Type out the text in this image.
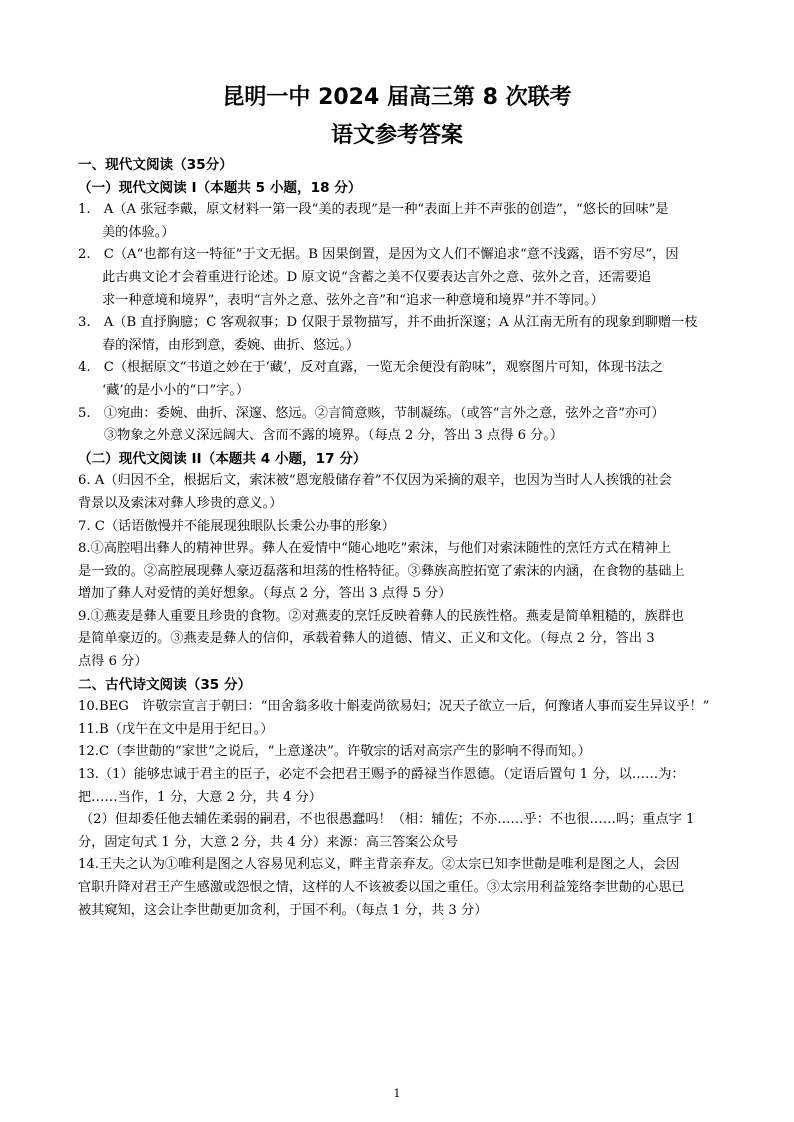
昆明一中 2024 届高三第 8 次联考
语文参考答案
一、现代文阅读（35分）
（一）现代文阅读 I（本题共 5 小题，18 分）
1.　A（A 张冠李戴，原文材料一第一段“美的表现”是一种“表面上并不声张的创造”，“悠长的回味”是
美的体验。）
2.　C（A“也都有这一特征”于文无据。B 因果倒置，是因为文人们不懈追求“意不浅露，语不穷尽”，因
此古典文论才会着重进行论述。D 原文说“含蓄之美不仅要表达言外之意、弦外之音，还需要追
求一种意境和境界”，表明“言外之意、弦外之音”和“追求一种意境和境界”并不等同。）
3.　A（B 直抒胸臆；C 客观叙事；D 仅限于景物描写，并不曲折深邃；A 从江南无所有的现象到聊赠一枝
春的深情，由形到意，委婉、曲折、悠远。）
4.　C（根据原文“书道之妙在于‘藏’，反对直露，一览无余便没有韵味”，观察图片可知，体现书法之
‘藏’的是小小的“口”字。）
5.　①宛曲：委婉、曲折、深邃、悠远。②言简意赅，节制凝练。（或答“言外之意，弦外之音”亦可）
③物象之外意义深远阔大、含而不露的境界。（每点 2 分，答出 3 点得 6 分。）
（二）现代文阅读 II（本题共 4 小题，17 分）
6. A（归因不全，根据后文，索沫被“恩宠般储存着”不仅因为采摘的艰辛，也因为当时人人挨饿的社会
背景以及索沫对彝人珍贵的意义。）
7. C（话语傲慢并不能展现独眼队长秉公办事的形象）
8.①高腔唱出彝人的精神世界。彝人在爱情中“随心地吃”索沫，与他们对索沫随性的烹饪方式在精神上
是一致的。②高腔展现彝人豪迈磊落和坦荡的性格特征。③彝族高腔拓宽了索沫的内涵，在食物的基础上
增加了彝人对爱情的美好想象。（每点 2 分，答出 3 点得 5 分）
9.①燕麦是彝人重要且珍贵的食物。②对燕麦的烹饪反映着彝人的民族性格。燕麦是简单粗糙的，族群也
是简单豪迈的。③燕麦是彝人的信仰，承载着彝人的道德、情义、正义和文化。（每点 2 分，答出 3
点得 6 分）
二、古代诗文阅读（35 分）
10.BEG　许敬宗宣言于朝曰：“田舍翁多收十斛麦尚欲易妇；况天子欲立一后，何豫诸人事而妄生异议乎！”
11.B（戊午在文中是用于纪日。）
12.C（李世勣的“家世”之说后，“上意遂决”。许敬宗的话对高宗产生的影响不得而知。）
13.（1）能够忠诚于君主的臣子，必定不会把君王赐予的爵禄当作恩德。（定语后置句 1 分，以……为：
把……当作，1 分，大意 2 分，共 4 分）
（2）但却委任他去辅佐柔弱的嗣君，不也很愚蠢吗！（相：辅佐；不亦……乎：不也很……吗；重点字 1
分，固定句式 1 分，大意 2 分，共 4 分）来源：高三答案公众号
14.王夫之认为①唯利是图之人容易见利忘义，畔主背亲弃友。②太宗已知李世勣是唯利是图之人，会因
官职升降对君王产生感激或怨恨之情，这样的人不该被委以国之重任。③太宗用利益笼络李世勣的心思已
被其窥知，这会让李世勣更加贪利，于国不利。（每点 1 分，共 3 分）
1
